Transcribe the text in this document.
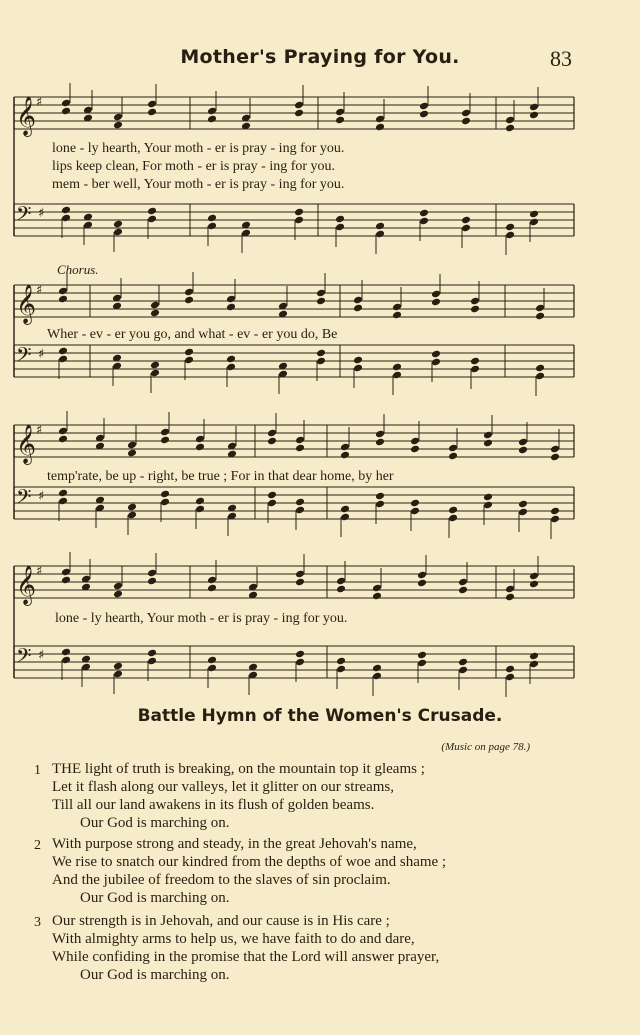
Mother's Praying for You.	83
𝄞 ♯
𝄢 ♯
𝄞 ♯
𝄢 ♯
𝄞 ♯
𝄢 ♯
𝄞 ♯
𝄢 ♯
lone - ly hearth, Your moth - er is pray - ing for you.
lips keep clean, For moth - er is pray - ing for you.
mem - ber well, Your moth - er is pray - ing for you.
Chorus.
Wher - ev - er you go, and what - ev - er you do, Be
temp'rate, be up - right, be true ; For in that dear home, by her
lone - ly hearth, Your moth - er is pray - ing for you.
Battle Hymn of the Women's Crusade.
(Music on page 78.)
1 THE light of truth is breaking, on the mountain top it gleams ;
Let it flash along our valleys, let it glitter on our streams,
Till all our land awakens in its flush of golden beams.
Our God is marching on.
2 With purpose strong and steady, in the great Jehovah's name,
We rise to snatch our kindred from the depths of woe and shame ;
And the jubilee of freedom to the slaves of sin proclaim.
Our God is marching on.
3 Our strength is in Jehovah, and our cause is in His care ;
With almighty arms to help us, we have faith to do and dare,
While confiding in the promise that the Lord will answer prayer,
Our God is marching on.
